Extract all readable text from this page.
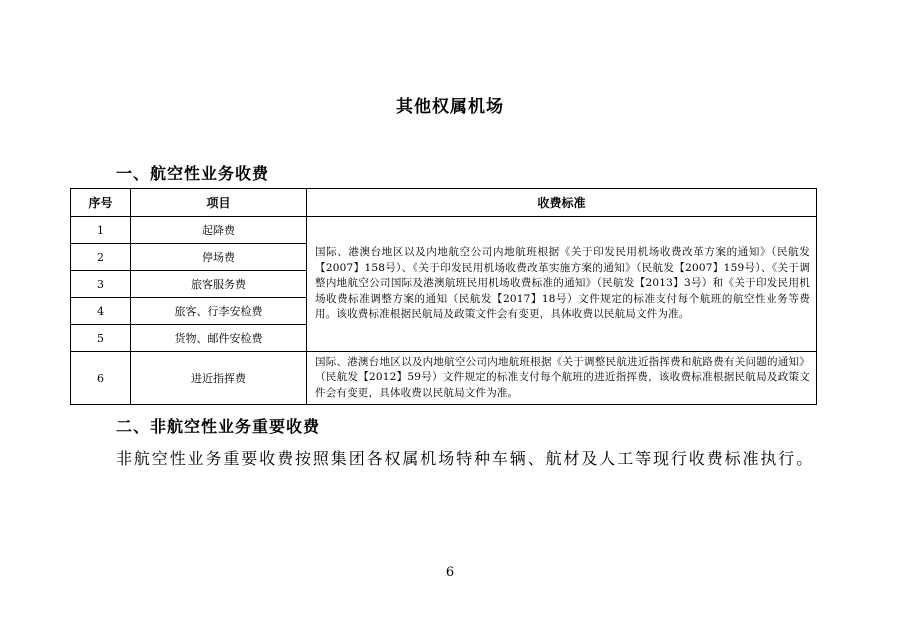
其他权属机场
一、航空性业务收费
序号	项目	收费标准
1	起降费	国际、港澳台地区以及内地航空公司内地航班根据《关于印发民用机场收费改革方案的通知》（民航发【2007】158号）、《关于印发民用机场收费改革实施方案的通知》（民航发【2007】159号）、《关于调整内地航空公司国际及港澳航班民用机场收费标准的通知》（民航发【2013】3号）和《关于印发民用机场收费标准调整方案的通知（民航发【2017】18号）文件规定的标准支付每个航班的航空性业务等费用。该收费标准根据民航局及政策文件会有变更，具体收费以民航局文件为准。
2	停场费	
3	旅客服务费	
4	旅客、行李安检费	
5	货物、邮件安检费	
6	进近指挥费	国际、港澳台地区以及内地航空公司内地航班根据《关于调整民航进近指挥费和航路费有关问题的通知》（民航发【2012】59号）文件规定的标准支付每个航班的进近指挥费，该收费标准根据民航局及政策文件会有变更，具体收费以民航局文件为准。
二、非航空性业务重要收费
非航空性业务重要收费按照集团各权属机场特种车辆、航材及人工等现行收费标准执行。
6
